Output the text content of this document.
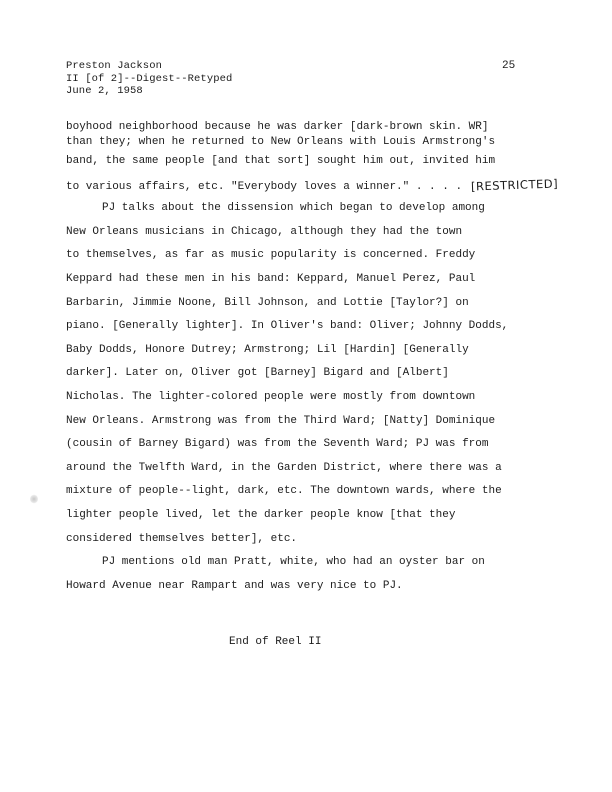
Preston Jackson
II [of 2]--Digest--Retyped
June 2, 1958
25
boyhood neighborhood because he was darker [dark-brown skin. WR]
than they; when he returned to New Orleans with Louis Armstrong's
band, the same people [and that sort] sought him out, invited him
to various affairs, etc. "Everybody loves a winner." . . . . [RESTRICTED]
PJ talks about the dissension which began to develop among
New Orleans musicians in Chicago, although they had the town
to themselves, as far as music popularity is concerned. Freddy
Keppard had these men in his band: Keppard, Manuel Perez, Paul
Barbarin, Jimmie Noone, Bill Johnson, and Lottie [Taylor?] on
piano. [Generally lighter]. In Oliver's band: Oliver; Johnny Dodds,
Baby Dodds, Honore Dutrey; Armstrong; Lil [Hardin] [Generally
darker]. Later on, Oliver got [Barney] Bigard and [Albert]
Nicholas. The lighter-colored people were mostly from downtown
New Orleans. Armstrong was from the Third Ward; [Natty] Dominique
(cousin of Barney Bigard) was from the Seventh Ward; PJ was from
around the Twelfth Ward, in the Garden District, where there was a
mixture of people--light, dark, etc. The downtown wards, where the
lighter people lived, let the darker people know [that they
considered themselves better], etc.
PJ mentions old man Pratt, white, who had an oyster bar on
Howard Avenue near Rampart and was very nice to PJ.
End of Reel II
